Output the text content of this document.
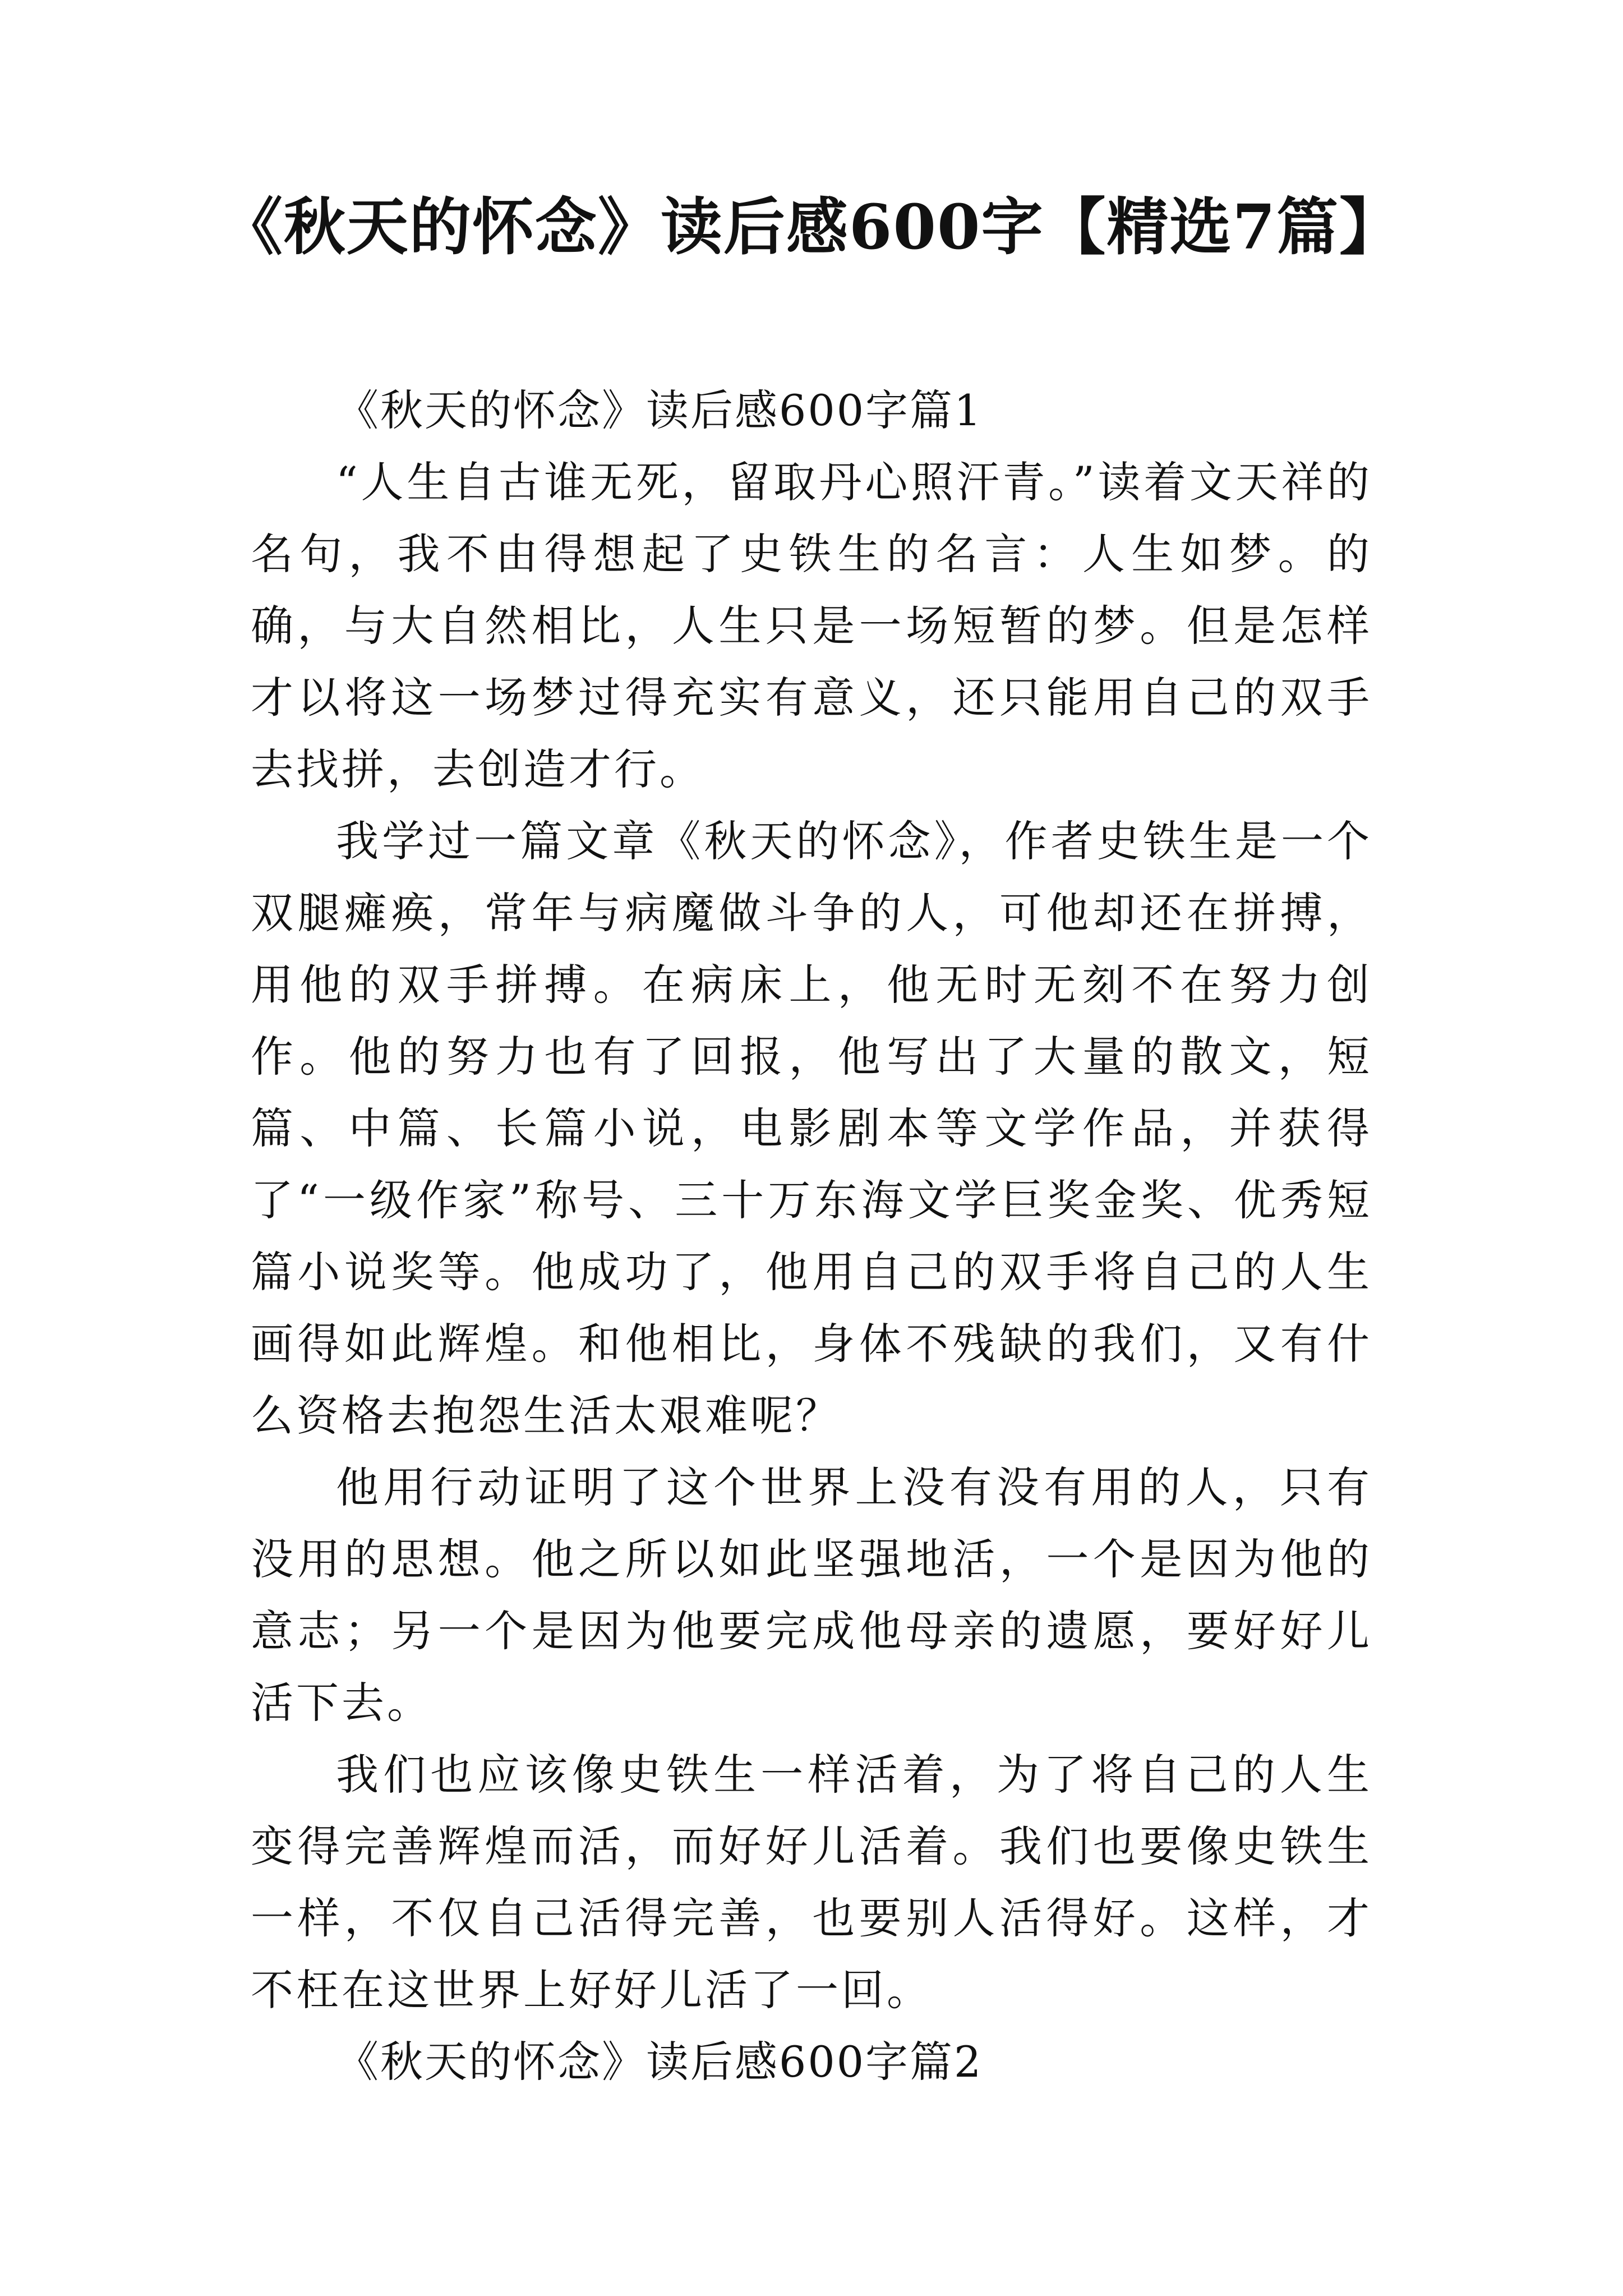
《秋天的怀念》读后感600字【精选7篇】

《秋天的怀念》读后感600字篇1

“人生自古谁无死，留取丹心照汗青。”读着文天祥的名句，我不由得想起了史铁生的名言：人生如梦。的确，与大自然相比，人生只是一场短暂的梦。但是怎样才以将这一场梦过得充实有意义，还只能用自己的双手去找拼，去创造才行。

我学过一篇文章《秋天的怀念》，作者史铁生是一个双腿瘫痪，常年与病魔做斗争的人，可他却还在拼搏，用他的双手拼搏。在病床上，他无时无刻不在努力创作。他的努力也有了回报，他写出了大量的散文，短篇、中篇、长篇小说，电影剧本等文学作品，并获得了“一级作家”称号、三十万东海文学巨奖金奖、优秀短篇小说奖等。他成功了，他用自己的双手将自己的人生画得如此辉煌。和他相比，身体不残缺的我们，又有什么资格去抱怨生活太艰难呢？

他用行动证明了这个世界上没有没有用的人，只有没用的思想。他之所以如此坚强地活，一个是因为他的意志；另一个是因为他要完成他母亲的遗愿，要好好儿活下去。

我们也应该像史铁生一样活着，为了将自己的人生变得完善辉煌而活，而好好儿活着。我们也要像史铁生一样，不仅自己活得完善，也要别人活得好。这样，才不枉在这世界上好好儿活了一回。

《秋天的怀念》读后感600字篇2
